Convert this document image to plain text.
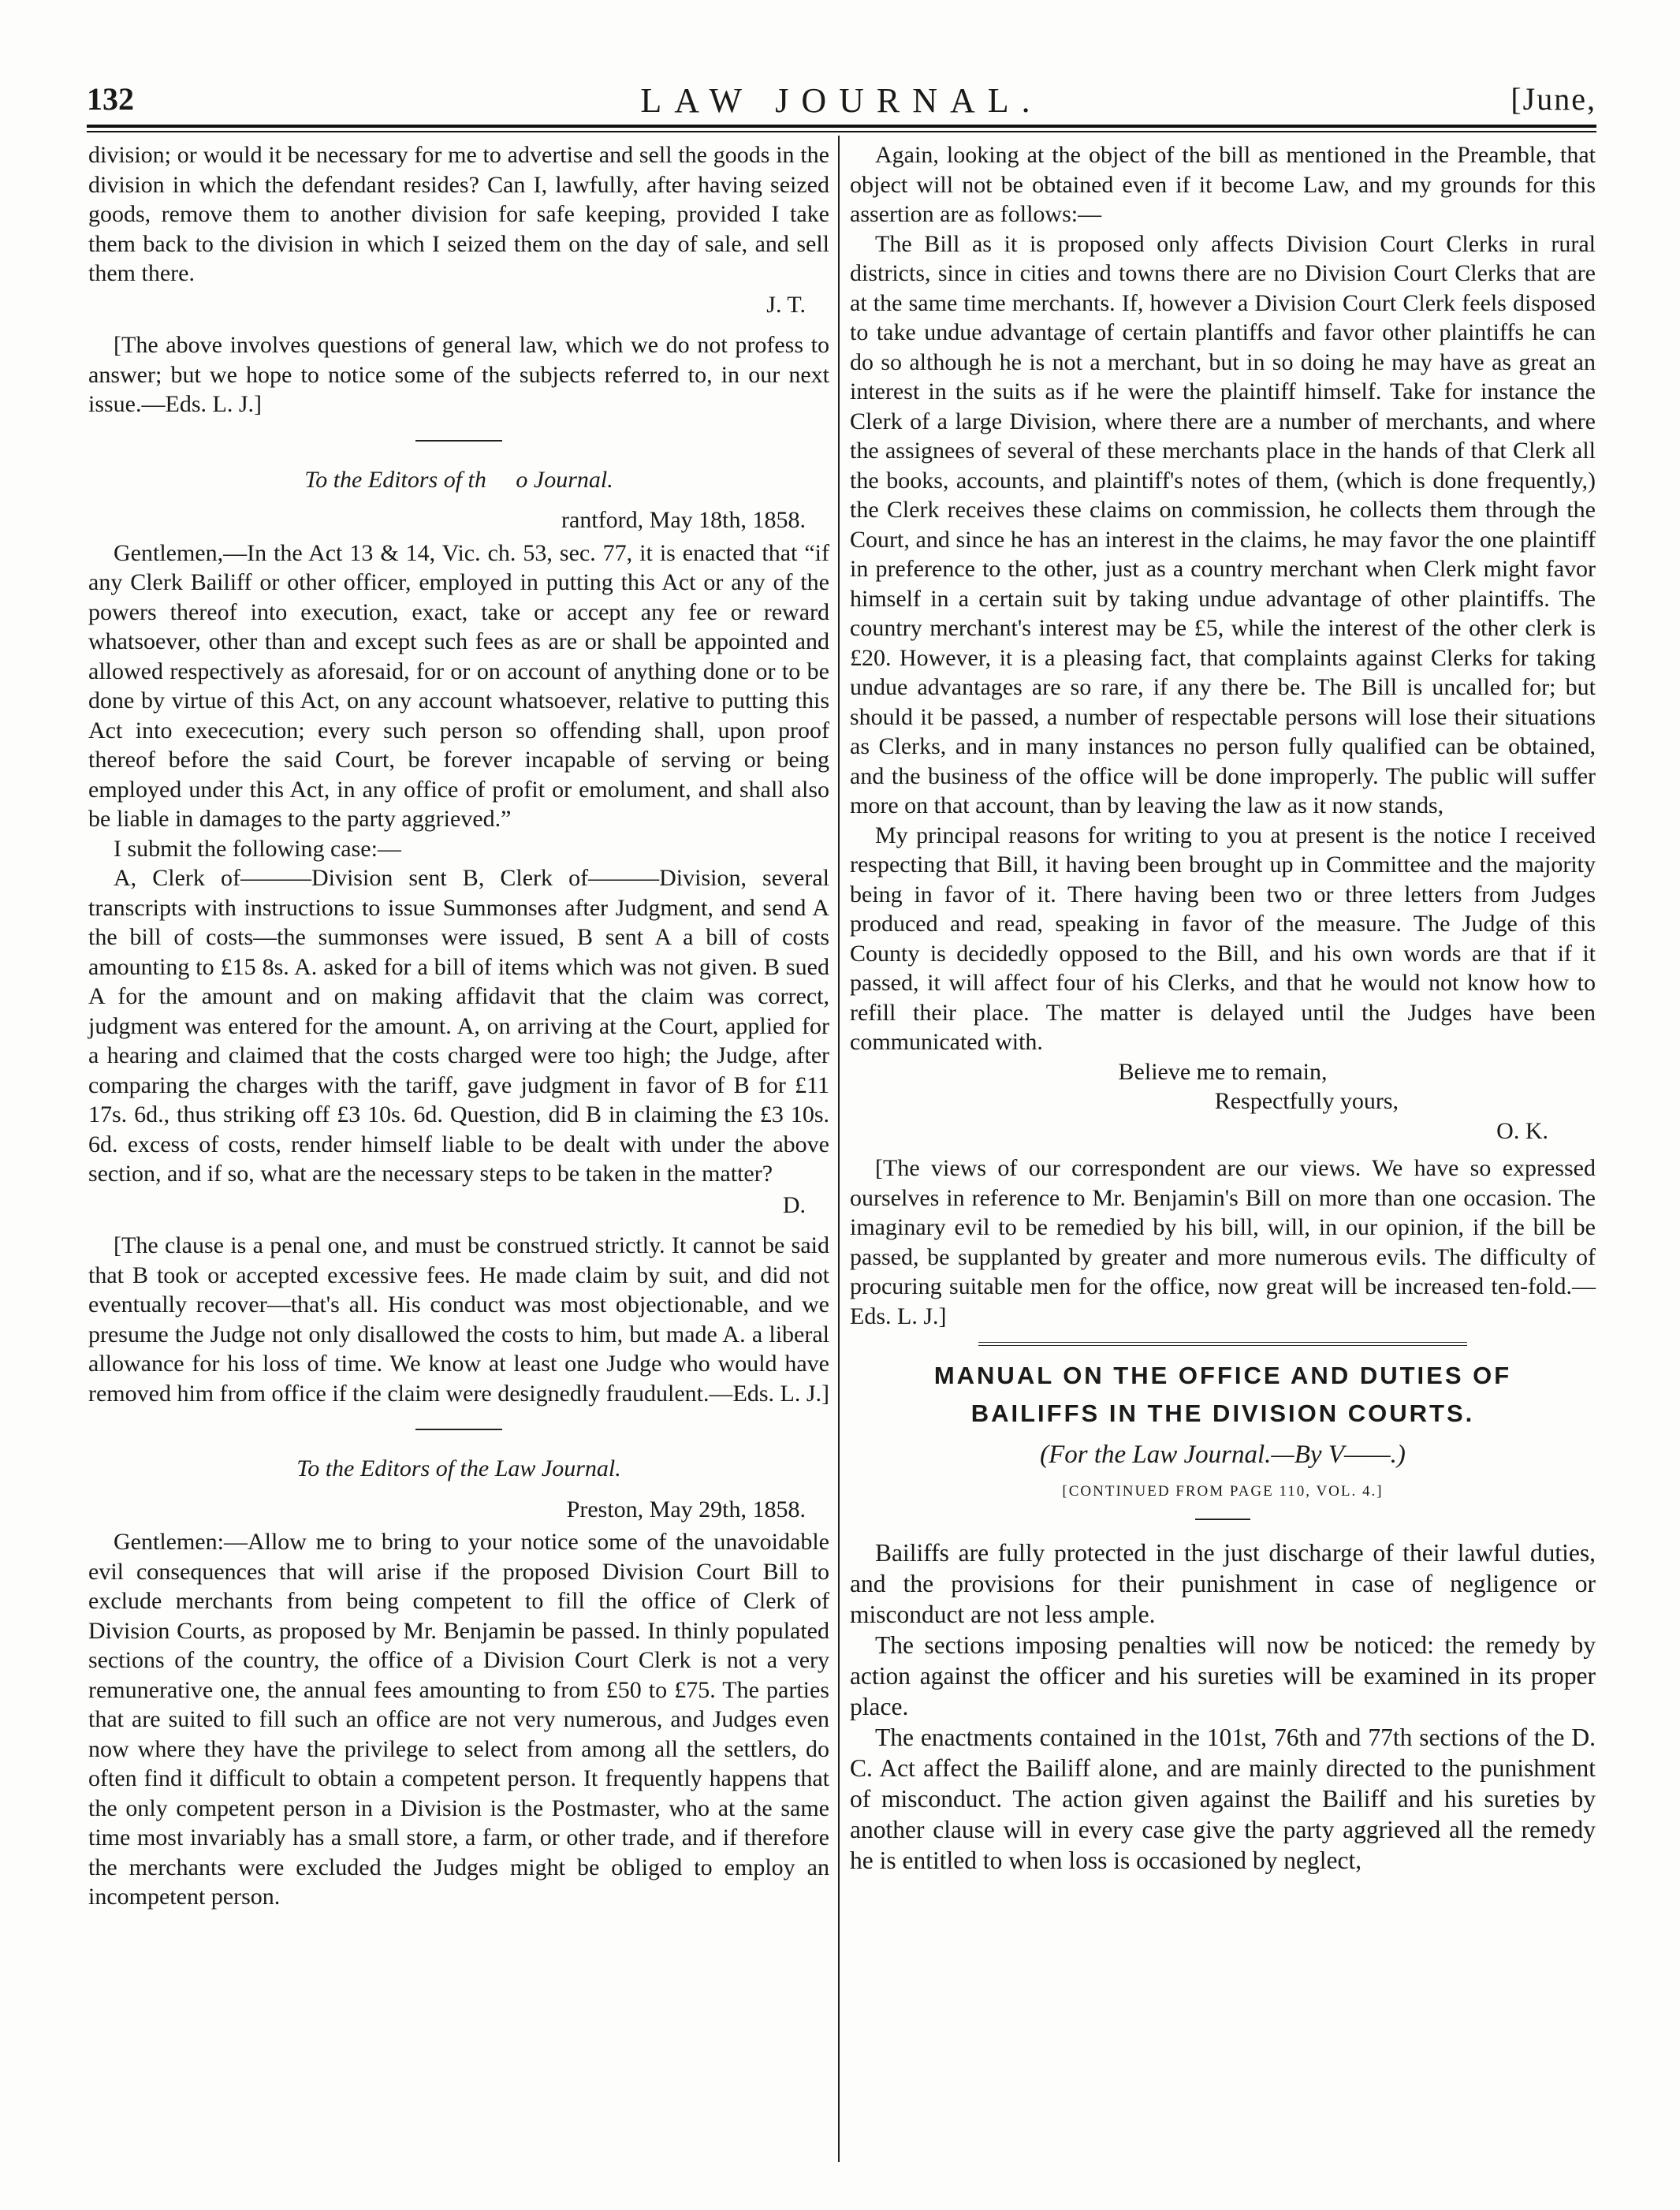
132	LAW JOURNAL.	[June,

division; or would it be necessary for me to advertise and sell the goods in the division in which the defendant resides? Can I, lawfully, after having seized goods, remove them to another division for safe keeping, provided I take them back to the division in which I seized them on the day of sale, and sell them there.

J. T.

[The above involves questions of general law, which we do not profess to answer; but we hope to notice some of the subjects referred to, in our next issue.—Eds. L. J.]

To the Editors of th     o Journal.
rantford, May 18th, 1858.

Gentlemen,—In the Act 13 & 14, Vic. ch. 53, sec. 77, it is enacted that “if any Clerk Bailiff or other officer, employed in putting this Act or any of the powers thereof into execution, exact, take or accept any fee or reward whatsoever, other than and except such fees as are or shall be appointed and allowed respectively as aforesaid, for or on account of anything done or to be done by virtue of this Act, on any account whatsoever, relative to putting this Act into exececution; every such person so offending shall, upon proof thereof before the said Court, be forever incapable of serving or being employed under this Act, in any office of profit or emolument, and shall also be liable in damages to the party aggrieved.”

I submit the following case:—

A, Clerk of———Division sent B, Clerk of———Division, several transcripts with instructions to issue Summonses after Judgment, and send A the bill of costs—the summonses were issued, B sent A a bill of costs amounting to £15 8s. A. asked for a bill of items which was not given. B sued A for the amount and on making affidavit that the claim was correct, judgment was entered for the amount. A, on arriving at the Court, applied for a hearing and claimed that the costs charged were too high; the Judge, after comparing the charges with the tariff, gave judgment in favor of B for £11 17s. 6d., thus striking off £3 10s. 6d. Question, did B in claiming the £3 10s. 6d. excess of costs, render himself liable to be dealt with under the above section, and if so, what are the necessary steps to be taken in the matter?

D.

[The clause is a penal one, and must be construed strictly. It cannot be said that B took or accepted excessive fees. He made claim by suit, and did not eventually recover—that's all. His conduct was most objectionable, and we presume the Judge not only disallowed the costs to him, but made A. a liberal allowance for his loss of time. We know at least one Judge who would have removed him from office if the claim were designedly fraudulent.—Eds. L. J.]

To the Editors of the Law Journal.
Preston, May 29th, 1858.

Gentlemen:—Allow me to bring to your notice some of the unavoidable evil consequences that will arise if the proposed Division Court Bill to exclude merchants from being competent to fill the office of Clerk of Division Courts, as proposed by Mr. Benjamin be passed. In thinly populated sections of the country, the office of a Division Court Clerk is not a very remunerative one, the annual fees amounting to from £50 to £75. The parties that are suited to fill such an office are not very numerous, and Judges even now where they have the privilege to select from among all the settlers, do often find it difficult to obtain a competent person. It frequently happens that the only competent person in a Division is the Postmaster, who at the same time most invariably has a small store, a farm, or other trade, and if therefore the merchants were excluded the Judges might be obliged to employ an incompetent person.

Again, looking at the object of the bill as mentioned in the Preamble, that object will not be obtained even if it become Law, and my grounds for this assertion are as follows:—

The Bill as it is proposed only affects Division Court Clerks in rural districts, since in cities and towns there are no Division Court Clerks that are at the same time merchants. If, however a Division Court Clerk feels disposed to take undue advantage of certain plantiffs and favor other plaintiffs he can do so although he is not a merchant, but in so doing he may have as great an interest in the suits as if he were the plaintiff himself. Take for instance the Clerk of a large Division, where there are a number of merchants, and where the assignees of several of these merchants place in the hands of that Clerk all the books, accounts, and plaintiff's notes of them, (which is done frequently,) the Clerk receives these claims on commission, he collects them through the Court, and since he has an interest in the claims, he may favor the one plaintiff in preference to the other, just as a country merchant when Clerk might favor himself in a certain suit by taking undue advantage of other plaintiffs. The country merchant's interest may be £5, while the interest of the other clerk is £20. However, it is a pleasing fact, that complaints against Clerks for taking undue advantages are so rare, if any there be. The Bill is uncalled for; but should it be passed, a number of respectable persons will lose their situations as Clerks, and in many instances no person fully qualified can be obtained, and the business of the office will be done improperly. The public will suffer more on that account, than by leaving the law as it now stands,

My principal reasons for writing to you at present is the notice I received respecting that Bill, it having been brought up in Committee and the majority being in favor of it. There having been two or three letters from Judges produced and read, speaking in favor of the measure. The Judge of this County is decidedly opposed to the Bill, and his own words are that if it passed, it will affect four of his Clerks, and that he would not know how to refill their place. The matter is delayed until the Judges have been communicated with.

Believe me to remain,
Respectfully yours,
O. K.

[The views of our correspondent are our views. We have so expressed ourselves in reference to Mr. Benjamin's Bill on more than one occasion. The imaginary evil to be remedied by his bill, will, in our opinion, if the bill be passed, be supplanted by greater and more numerous evils. The difficulty of procuring suitable men for the office, now great will be increased ten-fold.—Eds. L. J.]

MANUAL ON THE OFFICE AND DUTIES OF
BAILIFFS IN THE DIVISION COURTS.
(For the Law Journal.—By V——.)
[CONTINUED FROM PAGE 110, VOL. 4.]

Bailiffs are fully protected in the just discharge of their lawful duties, and the provisions for their punishment in case of negligence or misconduct are not less ample.

The sections imposing penalties will now be noticed: the remedy by action against the officer and his sureties will be examined in its proper place.

The enactments contained in the 101st, 76th and 77th sections of the D. C. Act affect the Bailiff alone, and are mainly directed to the punishment of misconduct. The action given against the Bailiff and his sureties by another clause will in every case give the party aggrieved all the remedy he is entitled to when loss is occasioned by neglect,
